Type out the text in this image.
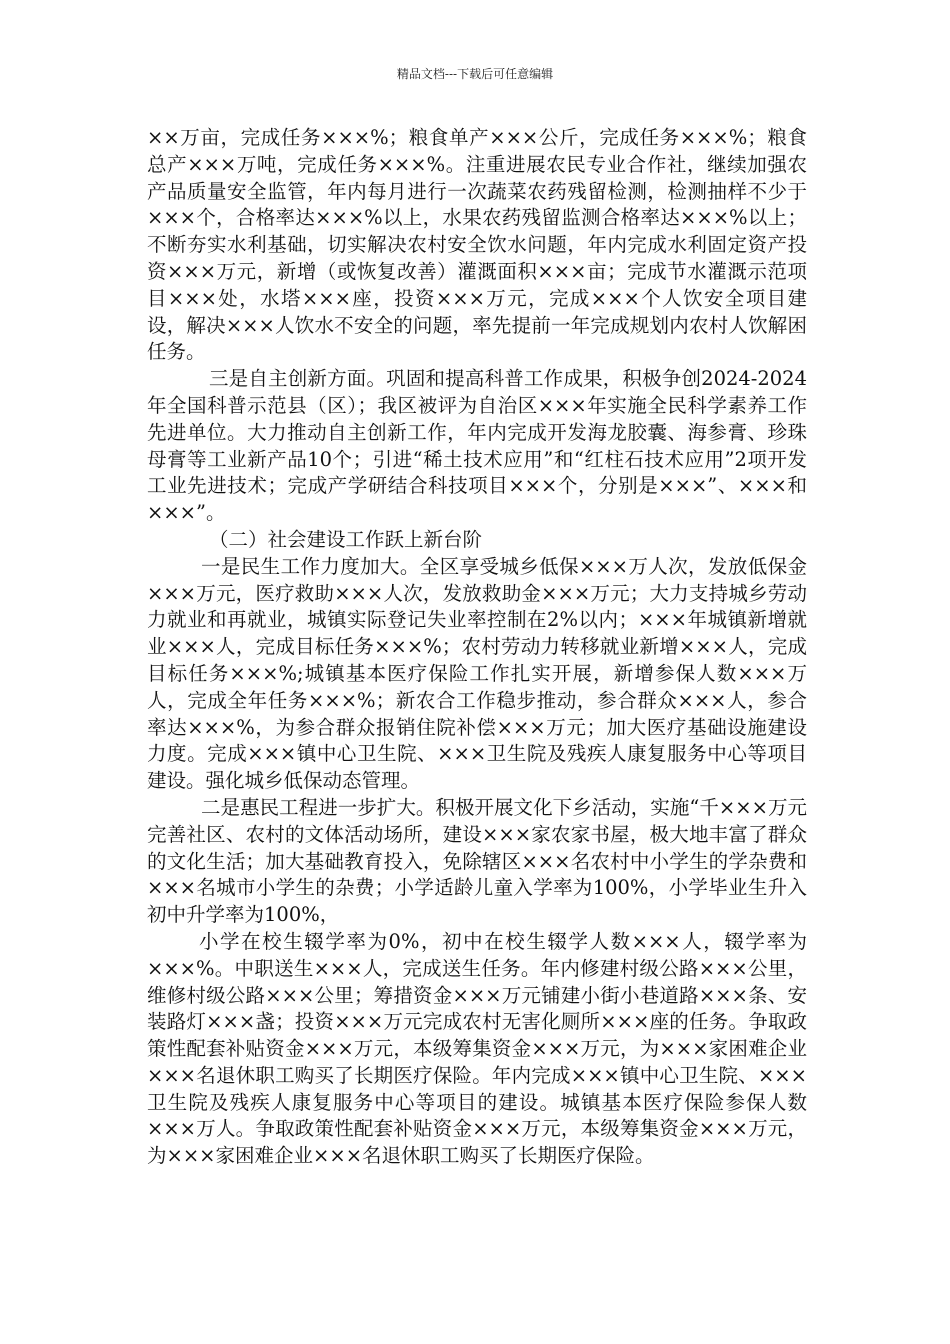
精品文档---下载后可任意编辑

××万亩，完成任务×××%；粮食单产×××公斤，完成任务×××%；粮食总产×××万吨，完成任务×××%。注重进展农民专业合作社，继续加强农产品质量安全监管，年内每月进行一次蔬菜农药残留检测，检测抽样不少于×××个，合格率达×××%以上，水果农药残留监测合格率达×××%以上；不断夯实水利基础，切实解决农村安全饮水问题，年内完成水利固定资产投资×××万元，新增（或恢复改善）灌溉面积×××亩；完成节水灌溉示范项目×××处，水塔×××座，投资×××万元，完成×××个人饮安全项目建设，解决×××人饮水不安全的问题，率先提前一年完成规划内农村人饮解困任务。

三是自主创新方面。巩固和提高科普工作成果，积极争创2024-2024年全国科普示范县（区）；我区被评为自治区×××年实施全民科学素养工作先进单位。大力推动自主创新工作，年内完成开发海龙胶囊、海参膏、珍珠母膏等工业新产品10个；引进“稀土技术应用”和“红柱石技术应用”2项开发工业先进技术；完成产学研结合科技项目×××个，分别是×××”、×××和×××”。

（二）社会建设工作跃上新台阶

一是民生工作力度加大。全区享受城乡低保×××万人次，发放低保金×××万元，医疗救助×××人次，发放救助金×××万元；大力支持城乡劳动力就业和再就业，城镇实际登记失业率控制在2%以内；×××年城镇新增就业×××人，完成目标任务×××%；农村劳动力转移就业新增×××人，完成目标任务×××%;城镇基本医疗保险工作扎实开展，新增参保人数×××万人，完成全年任务×××%；新农合工作稳步推动，参合群众×××人，参合率达×××%，为参合群众报销住院补偿×××万元；加大医疗基础设施建设力度。完成×××镇中心卫生院、×××卫生院及残疾人康复服务中心等项目建设。强化城乡低保动态管理。

二是惠民工程进一步扩大。积极开展文化下乡活动，实施“千×××万元完善社区、农村的文体活动场所，建设×××家农家书屋，极大地丰富了群众的文化生活；加大基础教育投入，免除辖区×××名农村中小学生的学杂费和×××名城市小学生的杂费；小学适龄儿童入学率为100%，小学毕业生升入初中升学率为100%，

小学在校生辍学率为0%，初中在校生辍学人数×××人，辍学率为×××%。中职送生×××人，完成送生任务。年内修建村级公路×××公里，维修村级公路×××公里；筹措资金×××万元铺建小街小巷道路×××条、安装路灯×××盏；投资×××万元完成农村无害化厕所×××座的任务。争取政策性配套补贴资金×××万元，本级筹集资金×××万元，为×××家困难企业×××名退休职工购买了长期医疗保险。年内完成×××镇中心卫生院、×××卫生院及残疾人康复服务中心等项目的建设。城镇基本医疗保险参保人数×××万人。争取政策性配套补贴资金×××万元，本级筹集资金×××万元，为×××家困难企业×××名退休职工购买了长期医疗保险。
